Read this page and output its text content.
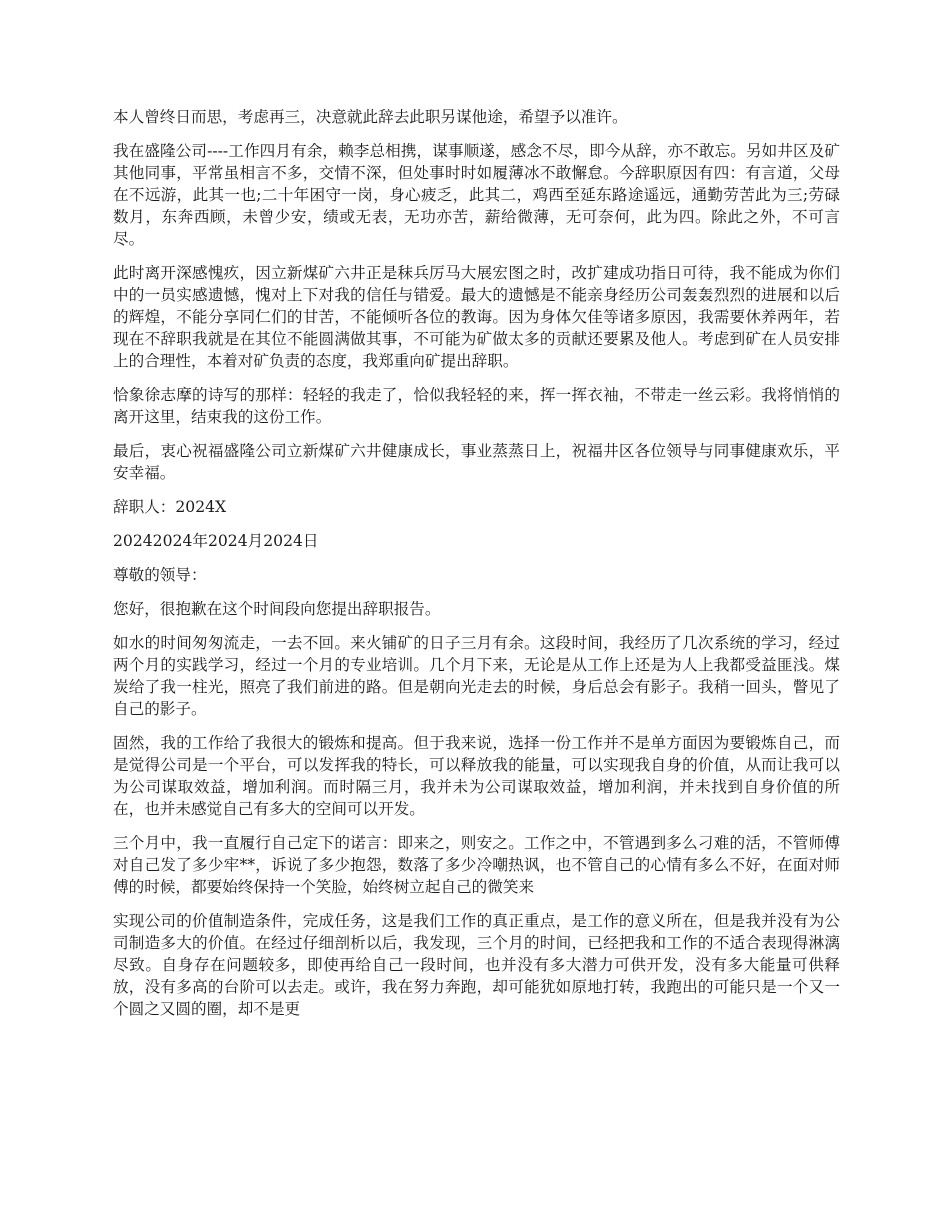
本人曾终日而思，考虑再三，决意就此辞去此职另谋他途，希望予以准许。

我在盛隆公司----工作四月有余，赖李总相携，谋事顺遂，感念不尽，即今从辞，亦不敢忘。另如井区及矿其他同事，平常虽相言不多，交情不深，但处事时时如履薄冰不敢懈怠。今辞职原因有四：有言道，父母在不远游，此其一也;二十年困守一岗，身心疲乏，此其二，鸡西至延东路途遥远，通勤劳苦此为三;劳碌数月，东奔西顾，未曾少安，绩或无表，无功亦苦，薪给微薄，无可奈何，此为四。除此之外，不可言尽。

此时离开深感愧疚，因立新煤矿六井正是秣兵厉马大展宏图之时，改扩建成功指日可待，我不能成为你们中的一员实感遗憾，愧对上下对我的信任与错爱。最大的遗憾是不能亲身经历公司轰轰烈烈的进展和以后的辉煌，不能分享同仁们的甘苦，不能倾听各位的教诲。因为身体欠佳等诸多原因，我需要休养两年，若现在不辞职我就是在其位不能圆满做其事，不可能为矿做太多的贡献还要累及他人。考虑到矿在人员安排上的合理性，本着对矿负责的态度，我郑重向矿提出辞职。

恰象徐志摩的诗写的那样：轻轻的我走了，恰似我轻轻的来，挥一挥衣袖，不带走一丝云彩。我将悄悄的离开这里，结束我的这份工作。

最后，衷心祝福盛隆公司立新煤矿六井健康成长，事业蒸蒸日上，祝福井区各位领导与同事健康欢乐，平安幸福。

辞职人：2024X

20242024年2024月2024日

尊敬的领导：

您好，很抱歉在这个时间段向您提出辞职报告。

如水的时间匆匆流走，一去不回。来火铺矿的日子三月有余。这段时间，我经历了几次系统的学习，经过两个月的实践学习，经过一个月的专业培训。几个月下来，无论是从工作上还是为人上我都受益匪浅。煤炭给了我一柱光，照亮了我们前进的路。但是朝向光走去的时候，身后总会有影子。我稍一回头，瞥见了自己的影子。

固然，我的工作给了我很大的锻炼和提高。但于我来说，选择一份工作并不是单方面因为要锻炼自己，而是觉得公司是一个平台，可以发挥我的特长，可以释放我的能量，可以实现我自身的价值，从而让我可以为公司谋取效益，增加利润。而时隔三月，我并未为公司谋取效益，增加利润，并未找到自身价值的所在，也并未感觉自己有多大的空间可以开发。

三个月中，我一直履行自己定下的诺言：即来之，则安之。工作之中，不管遇到多么刁难的活，不管师傅对自己发了多少牢**，诉说了多少抱怨，数落了多少冷嘲热讽，也不管自己的心情有多么不好，在面对师傅的时候，都要始终保持一个笑脸，始终树立起自己的微笑来

实现公司的价值制造条件，完成任务，这是我们工作的真正重点，是工作的意义所在，但是我并没有为公司制造多大的价值。在经过仔细剖析以后，我发现，三个月的时间，已经把我和工作的不适合表现得淋漓尽致。自身存在问题较多，即使再给自己一段时间，也并没有多大潜力可供开发，没有多大能量可供释放，没有多高的台阶可以去走。或许，我在努力奔跑，却可能犹如原地打转，我跑出的可能只是一个又一个圆之又圆的圈，却不是更
